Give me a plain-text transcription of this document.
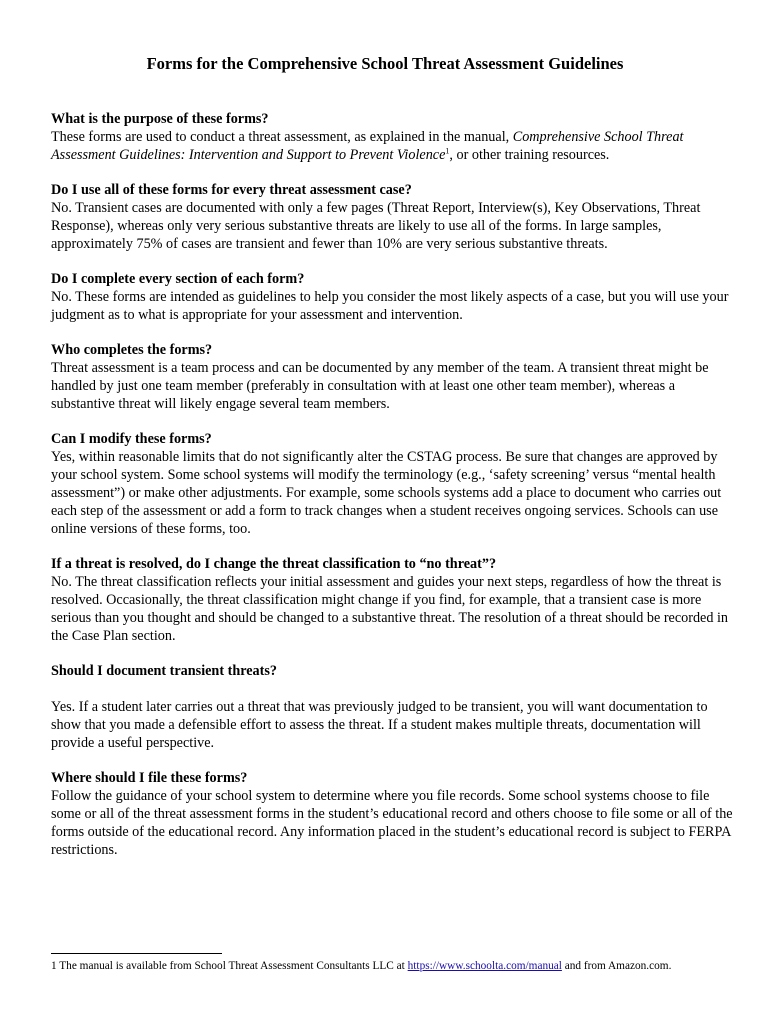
Forms for the Comprehensive School Threat Assessment Guidelines
What is the purpose of these forms?
These forms are used to conduct a threat assessment, as explained in the manual, Comprehensive School Threat Assessment Guidelines: Intervention and Support to Prevent Violence$^1$, or other training resources.
Do I use all of these forms for every threat assessment case?
No. Transient cases are documented with only a few pages (Threat Report, Interview(s), Key Observations, Threat Response), whereas only very serious substantive threats are likely to use all of the forms. In large samples, approximately 75% of cases are transient and fewer than 10% are very serious substantive threats.
Do I complete every section of each form?
No. These forms are intended as guidelines to help you consider the most likely aspects of a case, but you will use your judgment as to what is appropriate for your assessment and intervention.
Who completes the forms?
Threat assessment is a team process and can be documented by any member of the team. A transient threat might be handled by just one team member (preferably in consultation with at least one other team member), whereas a substantive threat will likely engage several team members.
Can I modify these forms?
Yes, within reasonable limits that do not significantly alter the CSTAG process. Be sure that changes are approved by your school system. Some school systems will modify the terminology (e.g., ‘safety screening’ versus “mental health assessment”) or make other adjustments. For example, some schools systems add a place to document who carries out each step of the assessment or add a form to track changes when a student receives ongoing services. Schools can use online versions of these forms, too.
If a threat is resolved, do I change the threat classification to “no threat”?
No. The threat classification reflects your initial assessment and guides your next steps, regardless of how the threat is resolved. Occasionally, the threat classification might change if you find, for example, that a transient case is more serious than you thought and should be changed to a substantive threat. The resolution of a threat should be recorded in the Case Plan section.
Should I document transient threats?
Yes. If a student later carries out a threat that was previously judged to be transient, you will want documentation to show that you made a defensible effort to assess the threat. If a student makes multiple threats, documentation will provide a useful perspective.
Where should I file these forms?
Follow the guidance of your school system to determine where you file records. Some school systems choose to file some or all of the threat assessment forms in the student’s educational record and others choose to file some or all of the forms outside of the educational record. Any information placed in the student’s educational record is subject to FERPA restrictions.
1 The manual is available from School Threat Assessment Consultants LLC at https://www.schoolta.com/manual and from Amazon.com.
